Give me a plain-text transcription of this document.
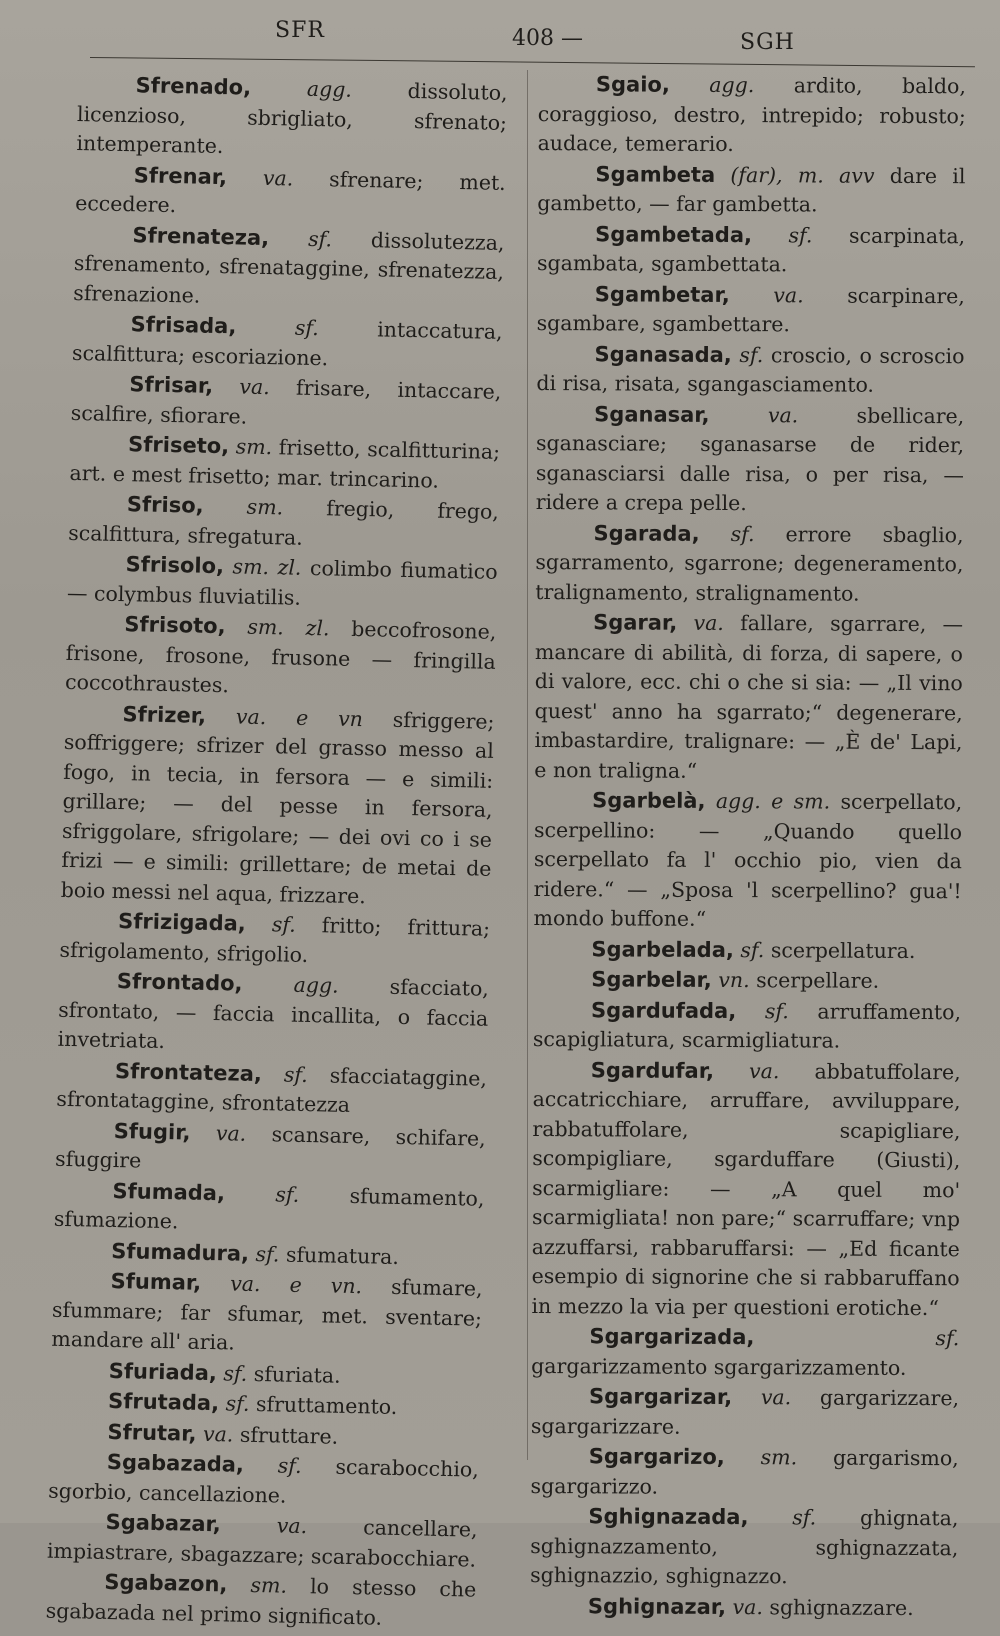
SFR	408 —	SGH

Sfrenado,	agg.	dissoluto, licenzioso, sbrigliato, sfrenato; intemperante.

Sfrenar, va. sfrenare; met. eccedere.

Sfrenateza, sf. dissolutezza, sfrenamento, sfrenataggine, sfrenatezza, sfrenazione.

Sfrisada,	sf.	intaccatura, scalfittura; escoriazione.

Sfrisar, va. frisare, intaccare, scalfire, sfiorare.

Sfriseto, sm. frisetto, scalfitturina; art. e mest frisetto; mar. trincarino.

Sfriso, sm. fregio, frego, scalfittura, sfregatura.

Sfrisolo, sm. zl. colimbo fiumatico — colymbus fluviatilis.

Sfrisoto, sm. zl. beccofrosone, frisone, frosone, frusone — fringilla coccothraustes.

Sfrizer, va. e vn sfriggere; soffriggere; sfrizer del grasso messo al fogo, in tecia, in fersora — e simili: grillare; — del pesse in fersora, sfriggolare, sfrigolare; — dei ovi co i se frizi — e simili: grillettare; de metai de boio messi nel aqua, frizzare.

Sfrizigada, sf. fritto; frittura; sfrigolamento, sfrigolio.

Sfrontado, agg. sfacciato, sfrontato, — faccia incallita, o faccia invetriata.

Sfrontateza, sf. sfacciataggine, sfrontataggine, sfrontatezza

Sfugir, va. scansare, schifare, sfuggire

Sfumada, sf. sfumamento, sfumazione.

Sfumadura, sf. sfumatura.

Sfumar, va. e vn. sfumare, sfummare; far sfumar, met. sventare; mandare all' aria.

Sfuriada, sf. sfuriata.

Sfrutada, sf. sfruttamento.

Sfrutar, va. sfruttare.

Sgabazada, sf. scarabocchio, sgorbio, cancellazione.

Sgabazar,	va.	cancellare, impiastrare, sbagazzare; scarabocchiare.

Sgabazon, sm. lo stesso che sgabazada nel primo significato.

Sgaio, agg. ardito, baldo, coraggioso, destro, intrepido; robusto; audace, temerario.

Sgambeta (far), m. avv dare il gambetto, — far gambetta.

Sgambetada, sf. scarpinata, sgambata, sgambettata.

Sgambetar, va. scarpinare, sgambare, sgambettare.

Sganasada, sf. croscio, o scroscio di risa, risata, sgangasciamento.

Sganasar,	va.	sbellicare, sganasciare; sganasarse de rider, sganasciarsi dalle risa, o per risa, — ridere a crepa pelle.

Sgarada, sf. errore sbaglio, sgarramento, sgarrone; degeneramento, tralignamento, stralignamento.

Sgarar, va. fallare, sgarrare, — mancare di abilità, di forza, di sapere, o di valore, ecc. chi o che si sia: — „Il vino quest' anno ha sgarrato;“ degenerare, imbastardire, tralignare: — „È de' Lapi, e non traligna.“

Sgarbelà, agg. e sm. scerpellato, scerpellino: — „Quando quello scerpellato fa l' occhio pio, vien da ridere.“ — „Sposa 'l scerpellino? gua'! mondo buffone.“

Sgarbelada, sf. scerpellatura.

Sgarbelar, vn. scerpellare.

Sgardufada, sf. arruffamento, scapigliatura, scarmigliatura.

Sgardufar, va. abbatuffolare, accatricchiare, arruffare, avviluppare, rabbatuffolare, scapigliare, scompigliare, sgarduffare (Giusti), scarmigliare: — „A quel mo' scarmigliata! non pare;“ scarruffare; vnp azzuffarsi, rabbaruffarsi: — „Ed ficante esempio di signorine che si rabbaruffano in mezzo la via per questioni erotiche.“

Sgargarizada,	sf. gargarizzamento sgargarizzamento.

Sgargarizar, va. gargarizzare, sgargarizzare.

Sgargarizo, sm. gargarismo, sgargarizzo.

Sghignazada, sf. ghignata, sghignazzamento, sghignazzata, sghignazzio, sghignazzo.

Sghignazar, va. sghignazzare.
